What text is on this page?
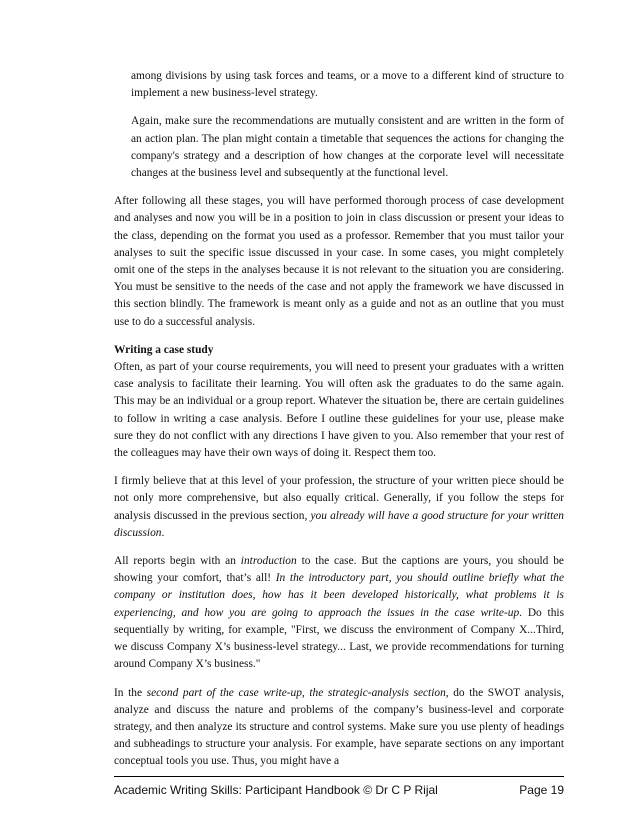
among divisions by using task forces and teams, or a move to a different kind of structure to implement a new business-level strategy.

Again, make sure the recommendations are mutually consistent and are written in the form of an action plan. The plan might contain a timetable that sequences the actions for changing the company's strategy and a description of how changes at the corporate level will necessitate changes at the business level and subsequently at the functional level.

After following all these stages, you will have performed thorough process of case development and analyses and now you will be in a position to join in class discussion or present your ideas to the class, depending on the format you used as a professor. Remember that you must tailor your analyses to suit the specific issue discussed in your case. In some cases, you might completely omit one of the steps in the analyses because it is not relevant to the situation you are considering. You must be sensitive to the needs of the case and not apply the framework we have discussed in this section blindly. The framework is meant only as a guide and not as an outline that you must use to do a successful analysis.

Writing a case study

Often, as part of your course requirements, you will need to present your graduates with a written case analysis to facilitate their learning. You will often ask the graduates to do the same again. This may be an individual or a group report. Whatever the situation be, there are certain guidelines to follow in writing a case analysis. Before I outline these guidelines for your use, please make sure they do not conflict with any directions I have given to you. Also remember that your rest of the colleagues may have their own ways of doing it. Respect them too.

I firmly believe that at this level of your profession, the structure of your written piece should be not only more comprehensive, but also equally critical. Generally, if you follow the steps for analysis discussed in the previous section, you already will have a good structure for your written discussion.

All reports begin with an introduction to the case. But the captions are yours, you should be showing your comfort, that’s all! In the introductory part, you should outline briefly what the company or institution does, how has it been developed historically, what problems it is experiencing, and how you are going to approach the issues in the case write-up. Do this sequentially by writing, for example, "First, we discuss the environment of Company X...Third, we discuss Company X’s business-level strategy... Last, we provide recommendations for turning around Company X’s business."

In the second part of the case write-up, the strategic-analysis section, do the SWOT analysis, analyze and discuss the nature and problems of the company’s business-level and corporate strategy, and then analyze its structure and control systems. Make sure you use plenty of headings and subheadings to structure your analysis. For example, have separate sections on any important conceptual tools you use. Thus, you might have a

Academic Writing Skills: Participant Handbook © Dr C P Rijal	Page 19
